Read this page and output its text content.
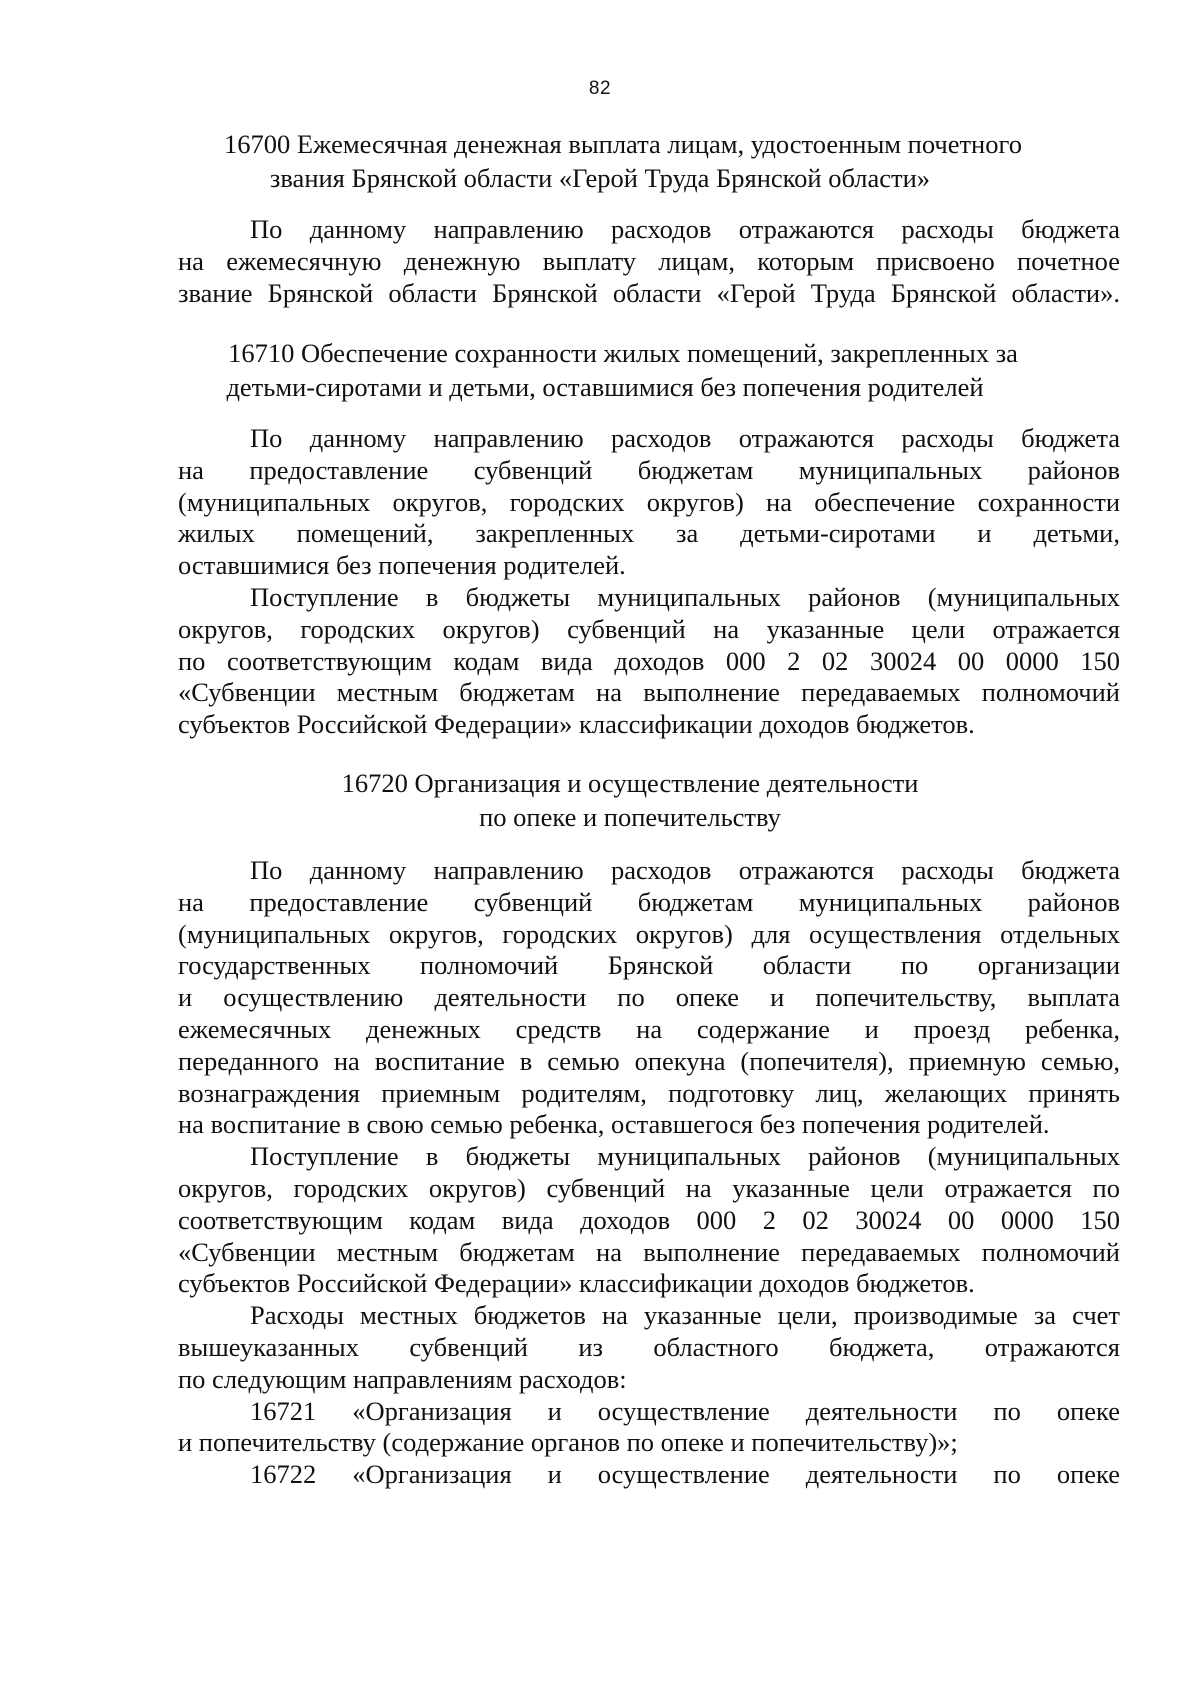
82
16700 Ежемесячная денежная выплата лицам, удостоенным почетного
звания Брянской области «Герой Труда Брянской области»
По данному направлению расходов отражаются расходы бюджета
на ежемесячную денежную выплату лицам, которым присвоено почетное
звание Брянской области Брянской области «Герой Труда Брянской области».
16710 Обеспечение сохранности жилых помещений, закрепленных за
детьми-сиротами и детьми, оставшимися без попечения родителей
По данному направлению расходов отражаются расходы бюджета
на предоставление субвенций бюджетам муниципальных районов
(муниципальных округов, городских округов) на обеспечение сохранности
жилых помещений, закрепленных за детьми-сиротами и детьми,
оставшимися без попечения родителей.
Поступление в бюджеты муниципальных районов (муниципальных
округов, городских округов) субвенций на указанные цели отражается
по соответствующим кодам вида доходов 000 2 02 30024 00 0000 150
«Субвенции местным бюджетам на выполнение передаваемых полномочий
субъектов Российской Федерации» классификации доходов бюджетов.
16720 Организация и осуществление деятельности
по опеке и попечительству
По данному направлению расходов отражаются расходы бюджета
на предоставление субвенций бюджетам муниципальных районов
(муниципальных округов, городских округов) для осуществления отдельных
государственных полномочий Брянской области по организации
и осуществлению деятельности по опеке и попечительству, выплата
ежемесячных денежных средств на содержание и проезд ребенка,
переданного на воспитание в семью опекуна (попечителя), приемную семью,
вознаграждения приемным родителям, подготовку лиц, желающих принять
на воспитание в свою семью ребенка, оставшегося без попечения родителей.
Поступление в бюджеты муниципальных районов (муниципальных
округов, городских округов) субвенций на указанные цели отражается по
соответствующим кодам вида доходов 000 2 02 30024 00 0000 150
«Субвенции местным бюджетам на выполнение передаваемых полномочий
субъектов Российской Федерации» классификации доходов бюджетов.
Расходы местных бюджетов на указанные цели, производимые за счет
вышеуказанных субвенций из областного бюджета, отражаются
по следующим направлениям расходов:
16721 «Организация и осуществление деятельности по опеке
и попечительству (содержание органов по опеке и попечительству)»;
16722 «Организация и осуществление деятельности по опеке
